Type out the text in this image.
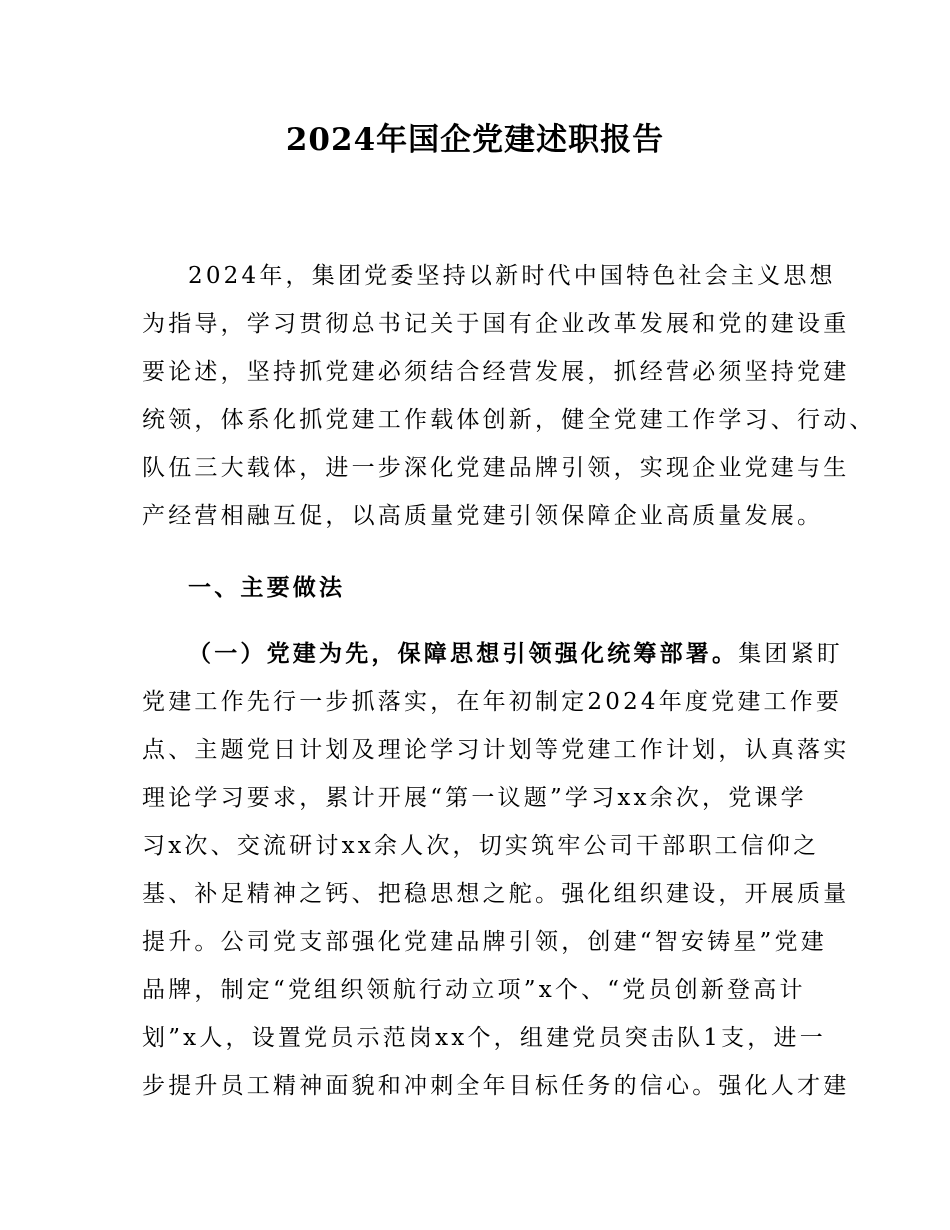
2024年国企党建述职报告
2024年，集团党委坚持以新时代中国特色社会主义思想
为指导，学习贯彻总书记关于国有企业改革发展和党的建设重
要论述，坚持抓党建必须结合经营发展，抓经营必须坚持党建
统领，体系化抓党建工作载体创新，健全党建工作学习、行动、
队伍三大载体，进一步深化党建品牌引领，实现企业党建与生
产经营相融互促，以高质量党建引领保障企业高质量发展。
一、主要做法
（一）党建为先，保障思想引领强化统筹部署。集团紧盯
党建工作先行一步抓落实，在年初制定2024年度党建工作要
点、主题党日计划及理论学习计划等党建工作计划，认真落实
理论学习要求，累计开展“第一议题”学习xx余次，党课学
习x次、交流研讨xx余人次，切实筑牢公司干部职工信仰之
基、补足精神之钙、把稳思想之舵。强化组织建设，开展质量
提升。公司党支部强化党建品牌引领，创建“智安铸星”党建
品牌，制定“党组织领航行动立项”x个、“党员创新登高计
划”x人，设置党员示范岗xx个，组建党员突击队1支，进一
步提升员工精神面貌和冲刺全年目标任务的信心。强化人才建
